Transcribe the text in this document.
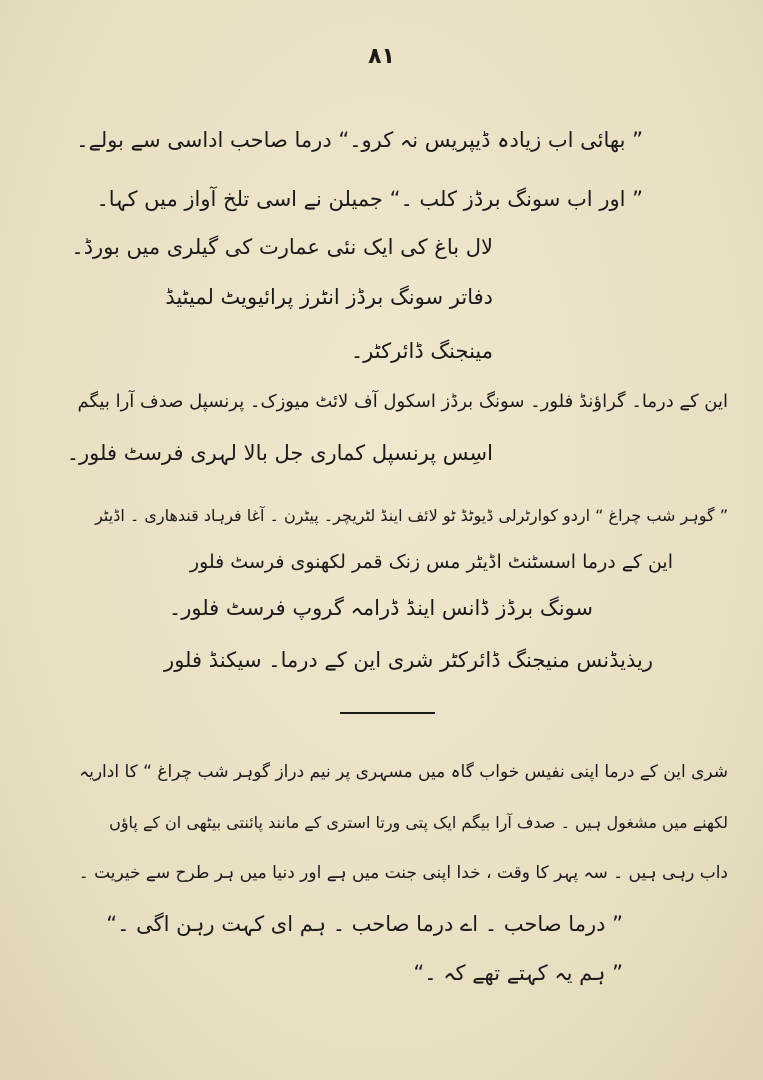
۸۱
” بھائی اب زیادہ ڈیپریس نہ کرو۔“ درما صاحب اداسی سے بولے۔
” اور اب سونگ برڈز کلب ۔“ جمیلن نے اسی تلخ آواز میں کہا۔
لال باغ کی ایک نئی عمارت کی گیلری میں بورڈ۔
دفاتر سونگ برڈز انٹرز پرائیویٹ لمیٹیڈ
مینجنگ ڈائرکٹر۔
این کے درما۔ گراؤنڈ فلور۔ سونگ برڈز اسکول آف لائٹ میوزک۔ پرنسپل صدف آرا بیگم
اسِس پرنسپل کماری جل بالا لہری فرسٹ فلور۔
” گوہر شب چراغ “ اردو کوارٹرلی ڈیوٹڈ ٹو لائف اینڈ لٹریچر۔ پیٹرن ۔ آغا فرہاد قندھاری ۔ اڈیٹر
این کے درما اسسٹنٹ اڈیٹر مس زنک قمر لکھنوی فرسٹ فلور
سونگ برڈز ڈانس اینڈ ڈرامہ گروپ فرسٹ فلور۔
ریذیڈنس منیجنگ ڈائرکٹر شری این کے درما۔ سیکنڈ فلور
شری این کے درما اپنی نفیس خواب گاہ میں مسہری پر نیم دراز گوہر شب چراغ “ کا اداریہ
لکھنے میں مشغول ہیں ۔ صدف آرا بیگم ایک پتی ورتا استری کے مانند پائنتی بیٹھی ان کے پاؤں
داب رہی ہیں ۔ سہ پہر کا وقت ، خدا اپنی جنت میں ہے اور دنیا میں ہر طرح سے خیریت ۔
” درما صاحب ۔ اے درما صاحب ۔ ہم ای کہت رہن اگی ۔“
” ہم یہ کہتے تھے کہ ۔“
